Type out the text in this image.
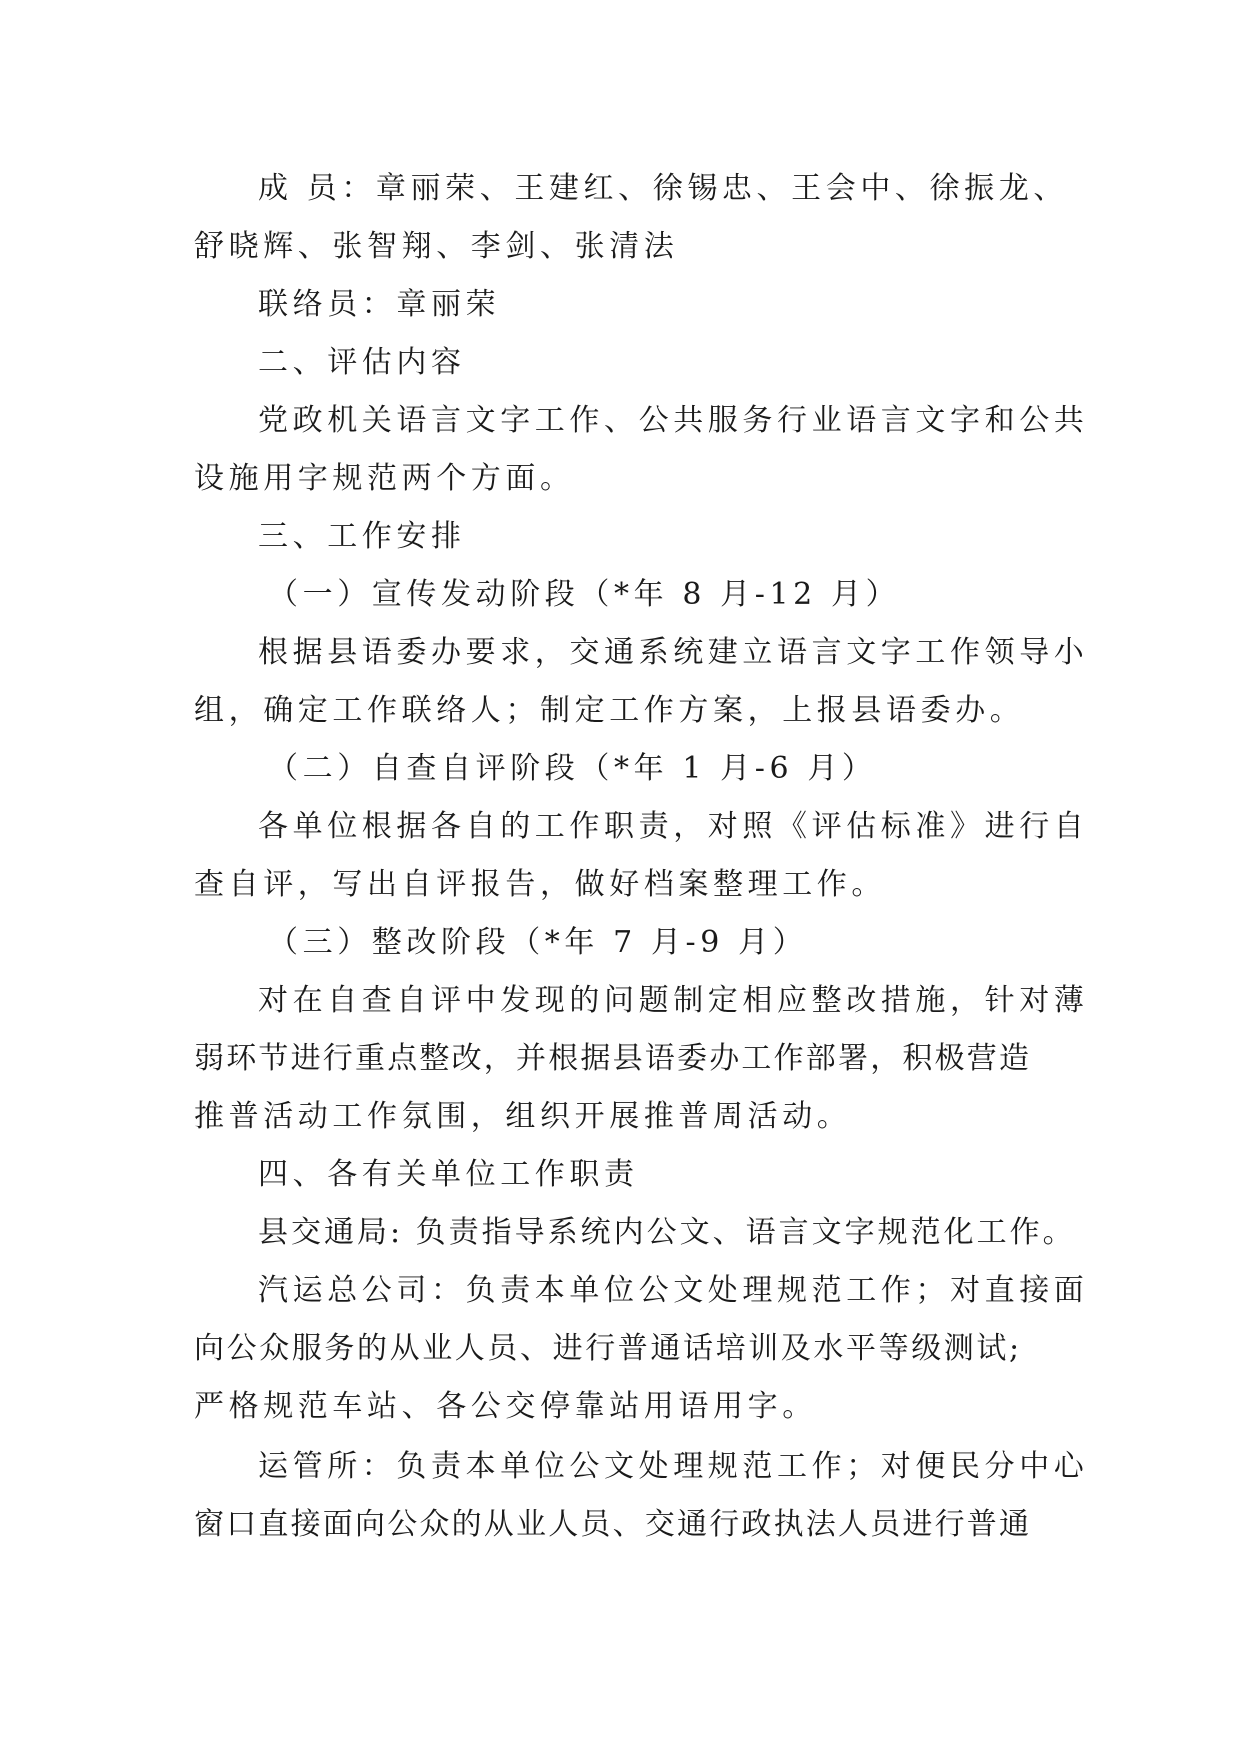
成 员：章丽荣、王建红、徐锡忠、王会中、徐振龙、
舒晓辉、张智翔、李剑、张清法
联络员：章丽荣
二、评估内容
党政机关语言文字工作、公共服务行业语言文字和公共
设施用字规范两个方面。
三、工作安排
（一）宣传发动阶段（*年 8 月-12 月）
根据县语委办要求，交通系统建立语言文字工作领导小
组，确定工作联络人；制定工作方案，上报县语委办。
（二）自查自评阶段（*年 1 月-6 月）
各单位根据各自的工作职责，对照《评估标准》进行自
查自评，写出自评报告，做好档案整理工作。
（三）整改阶段（*年 7 月-9 月）
对在自查自评中发现的问题制定相应整改措施，针对薄
弱环节进行重点整改，并根据县语委办工作部署，积极营造
推普活动工作氛围，组织开展推普周活动。
四、各有关单位工作职责
县交通局: 负责指导系统内公文、语言文字规范化工作。
汽运总公司：负责本单位公文处理规范工作；对直接面
向公众服务的从业人员、进行普通话培训及水平等级测试;
严格规范车站、各公交停靠站用语用字。
运管所：负责本单位公文处理规范工作；对便民分中心
窗口直接面向公众的从业人员、交通行政执法人员进行普通
